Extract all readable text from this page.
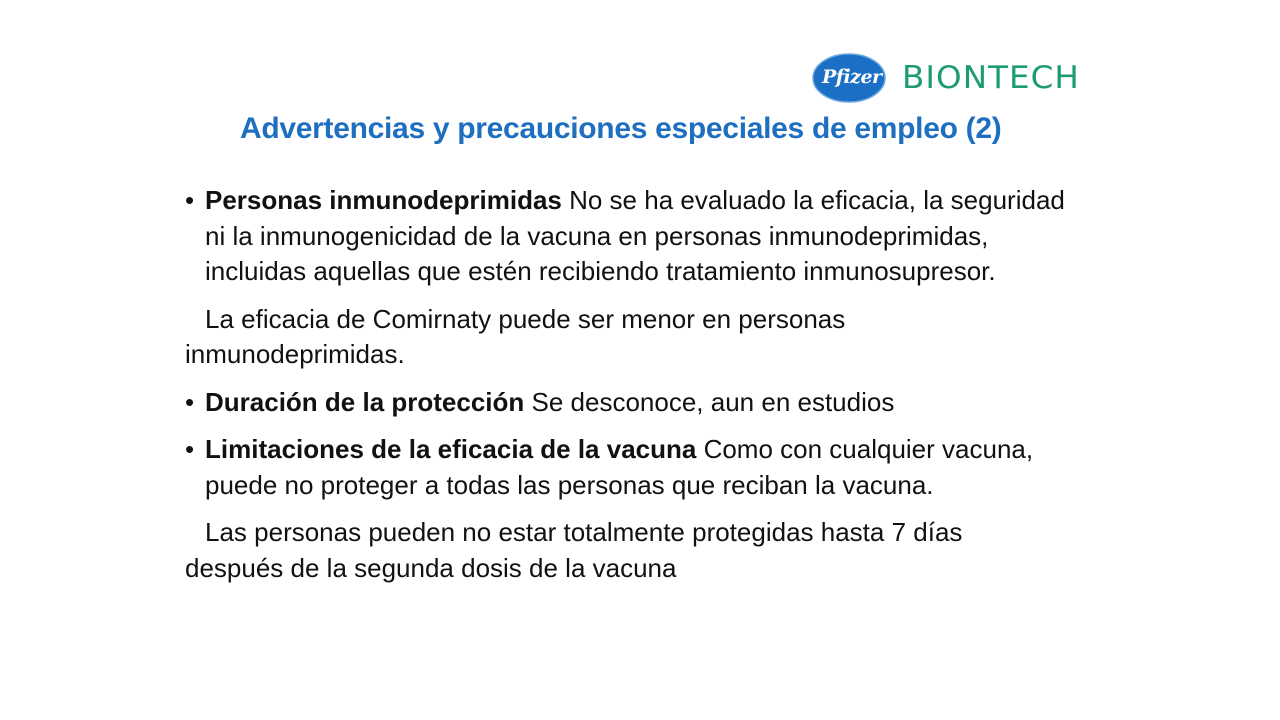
Pfizer BIONTECH
Advertencias y precauciones especiales de empleo (2)
• Personas inmunodeprimidas No se ha evaluado la eficacia, la seguridad ni la inmunogenicidad de la vacuna en personas inmunodeprimidas, incluidas aquellas que estén recibiendo tratamiento inmunosupresor.
La eficacia de Comirnaty puede ser menor en personas inmunodeprimidas.
• Duración de la protección Se desconoce, aun en estudios
• Limitaciones de la eficacia de la vacuna Como con cualquier vacuna, puede no proteger a todas las personas que reciban la vacuna.
Las personas pueden no estar totalmente protegidas hasta 7 días después de la segunda dosis de la vacuna
